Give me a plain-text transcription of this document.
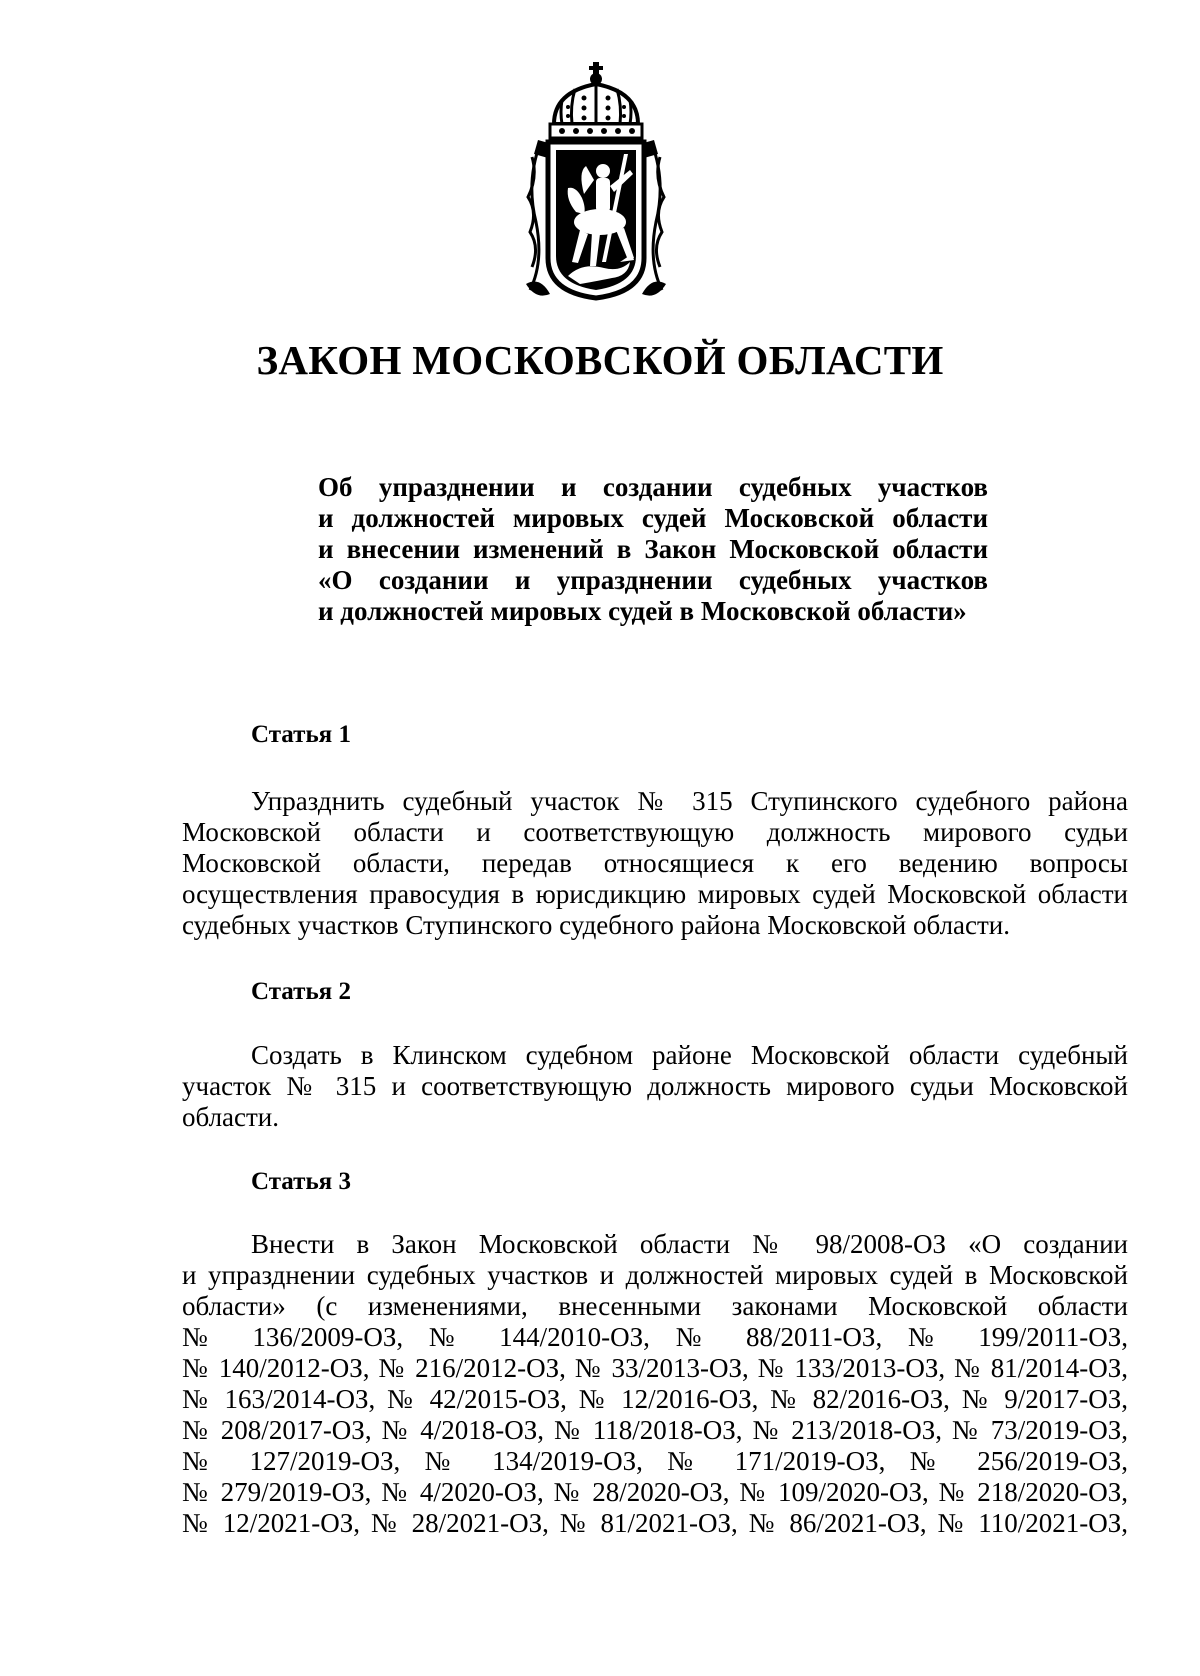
ЗАКОН МОСКОВСКОЙ ОБЛАСТИ
Об упразднении и создании судебных участков
и должностей мировых судей Московской области
и внесении изменений в Закон Московской области
«О создании и упразднении судебных участков
и должностей мировых судей в Московской области»
Статья 1
Упразднить судебный участок № 315 Ступинского судебного района
Московской области и соответствующую должность мирового судьи
Московской области, передав относящиеся к его ведению вопросы
осуществления правосудия в юрисдикцию мировых судей Московской области
судебных участков Ступинского судебного района Московской области.
Статья 2
Создать в Клинском судебном районе Московской области судебный
участок № 315 и соответствующую должность мирового судьи Московской
области.
Статья 3
Внести в Закон Московской области № 98/2008-ОЗ «О создании
и упразднении судебных участков и должностей мировых судей в Московской
области» (с изменениями, внесенными законами Московской области
№ 136/2009-ОЗ, № 144/2010-ОЗ, № 88/2011-ОЗ, № 199/2011-ОЗ,
№ 140/2012-ОЗ, № 216/2012-ОЗ, № 33/2013-ОЗ, № 133/2013-ОЗ, № 81/2014-ОЗ,
№ 163/2014-ОЗ, № 42/2015-ОЗ, № 12/2016-ОЗ, № 82/2016-ОЗ, № 9/2017-ОЗ,
№ 208/2017-ОЗ, № 4/2018-ОЗ, № 118/2018-ОЗ, № 213/2018-ОЗ, № 73/2019-ОЗ,
№ 127/2019-ОЗ, № 134/2019-ОЗ, № 171/2019-ОЗ, № 256/2019-ОЗ,
№ 279/2019-ОЗ, № 4/2020-ОЗ, № 28/2020-ОЗ, № 109/2020-ОЗ, № 218/2020-ОЗ,
№ 12/2021-ОЗ, № 28/2021-ОЗ, № 81/2021-ОЗ, № 86/2021-ОЗ, № 110/2021-ОЗ,
